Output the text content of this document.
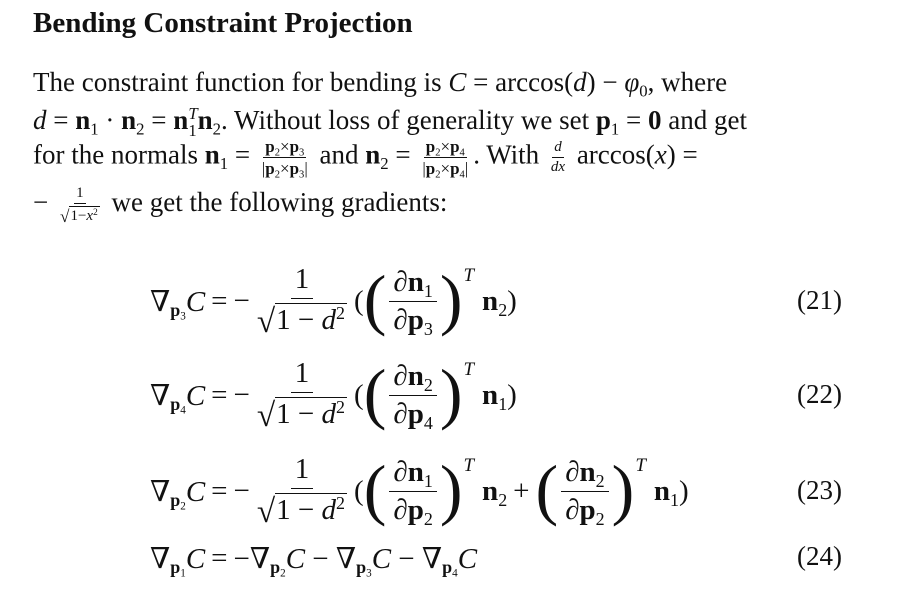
Bending Constraint Projection
The constraint function for bending is $C = \arccos(d) - \varphi_0$, where
$d = n_1 \cdot n_2 = n$ T
1 $n_2$. Without loss of generality we set $p_1 = 0$ and get
for the normals $n_1 = \frac{p_2\times p_3}{|p_2\times p_3|}$ and $n_2 = \frac{p_2\times p_4}{|p_2\times p_4|}$ . With $\frac{d}{dx} \arccos(x)$ =
− $\frac{1}{√ 1-x^2}$ we get the following gradients:
$\nabla_{p_3}C$ = − $\frac{1}{√ 1 - d^2}$ ( ( $\partial n_1$
$\partial p_3$ ) T
$n_2$)	(21)
$\nabla_{p_4}C$ = − $\frac{1}{√ 1 - d^2}$ ( ( $\partial n_2$
$\partial p_4$ ) T
$n_1$)	(22)
$\nabla_{p_2}C$ = − $\frac{1}{√ 1 - d^2}$ ( ( $\partial n_1$
$\partial p_2$ ) T
$n_2$ + ( $\partial n_2$
$\partial p_2$ ) T
$n_1$)	(23)
$\nabla_{p_1}C = -\nabla_{p_2}C - \nabla_{p_3}C - \nabla_{p_4}C$	(24)
